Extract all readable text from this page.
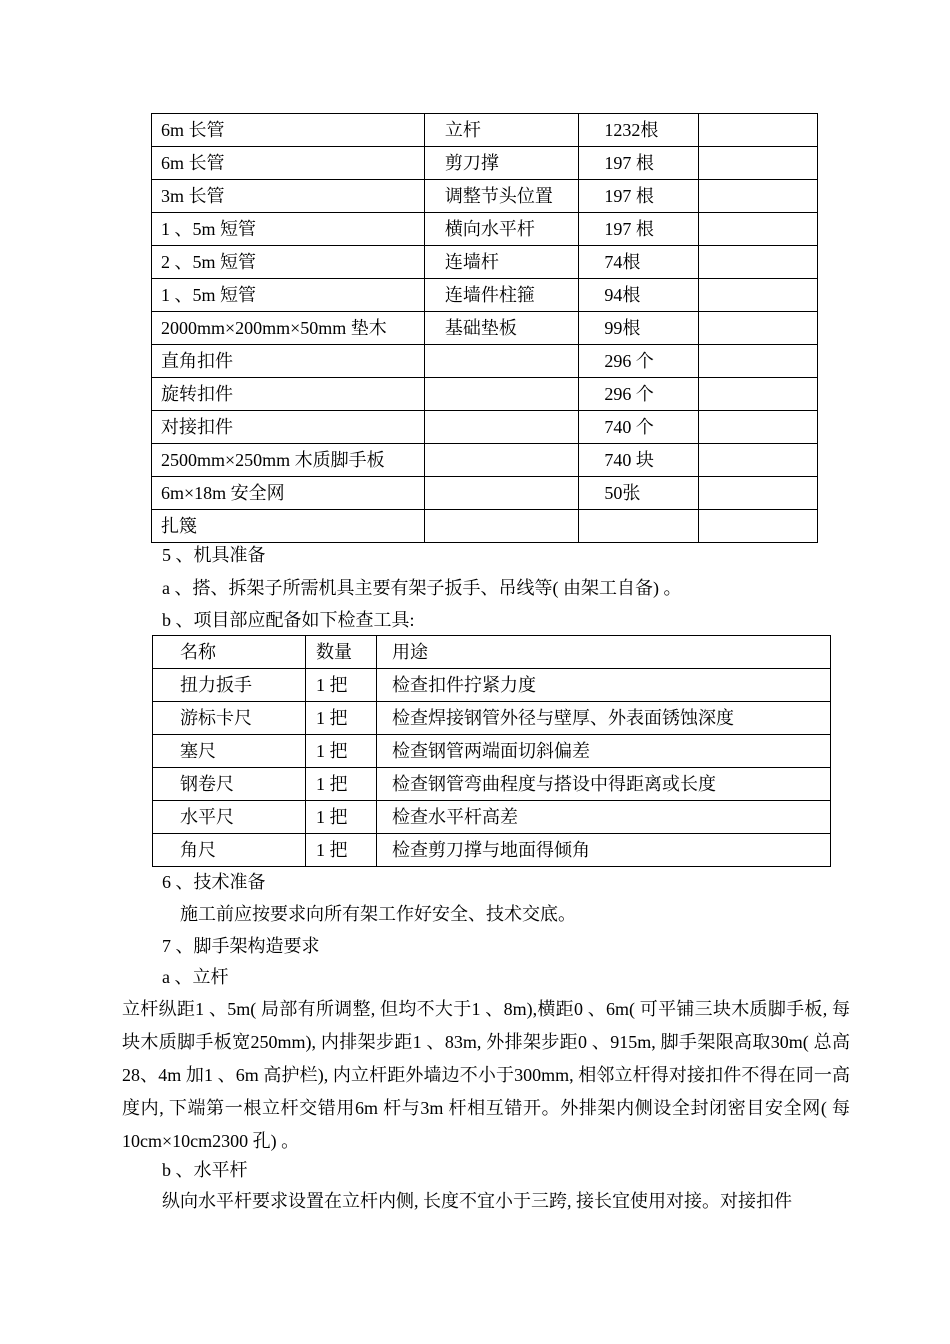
6m 长管	立杆	1232根	
6m 长管	剪刀撑	197 根	
3m 长管	调整节头位置	197 根	
1 、5m 短管	横向水平杆	197 根	
2 、5m 短管	连墙杆	74根	
1 、5m 短管	连墙件柱箍	94根	
2000mm×200mm×50mm 垫木	基础垫板	99根	
直角扣件		296 个	
旋转扣件		296 个	
对接扣件		740 个	
2500mm×250mm 木质脚手板		740 块	
6m×18m 安全网		50张	
扎篾			
5 、机具准备
a 、搭、拆架子所需机具主要有架子扳手、吊线等( 由架工自备) 。
b 、项目部应配备如下检查工具:
名称	数量	用途
扭力扳手	1 把	检查扣件拧紧力度
游标卡尺	1 把	检查焊接钢管外径与壁厚、外表面锈蚀深度
塞尺	1 把	检查钢管两端面切斜偏差
钢卷尺	1 把	检查钢管弯曲程度与搭设中得距离或长度
水平尺	1 把	检查水平杆高差
角尺	1 把	检查剪刀撑与地面得倾角
6 、技术准备
施工前应按要求向所有架工作好安全、技术交底。
7 、脚手架构造要求
a 、立杆
立杆纵距1 、5m( 局部有所调整, 但均不大于1 、8m),横距0 、6m( 可平铺三块木质脚手板, 每块木质脚手板宽250mm), 内排架步距1 、83m, 外排架步距0 、915m, 脚手架限高取30m( 总高28、4m 加1 、6m 高护栏), 内立杆距外墙边不小于300mm, 相邻立杆得对接扣件不得在同一高度内, 下端第一根立杆交错用6m 杆与3m 杆相互错开。外排架内侧设全封闭密目安全网( 每10cm×10cm2300 孔) 。
b 、水平杆
纵向水平杆要求设置在立杆内侧, 长度不宜小于三跨, 接长宜使用对接。对接扣件
